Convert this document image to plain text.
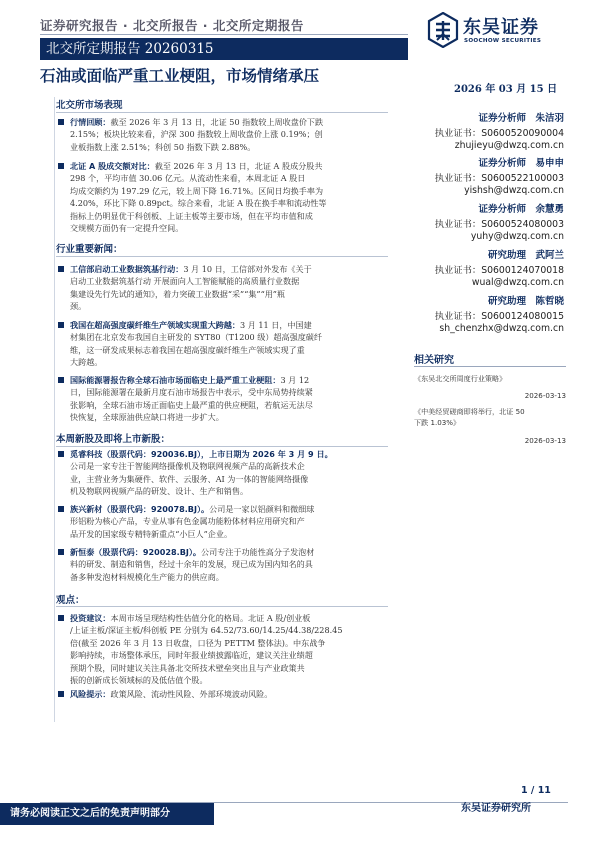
证券研究报告 · 北交所报告 · 北交所定期报告
北交所定期报告 20260315
东吴证券
SOOCHOW SECURITIES
石油或面临严重工业梗阻，市场情绪承压
2026 年 03 月 15 日
北交所市场表现
行情回顾：截至 2026 年 3 月 13 日，北证 50 指数较上周收盘价下跌
2.15%；板块比较来看，沪深 300 指数较上周收盘价上涨 0.19%；创
业板指数上涨 2.51%；科创 50 指数下跌 2.88%。
北证 A 股成交额对比：截至 2026 年 3 月 13 日，北证 A 股成分股共
298 个，平均市值 30.06 亿元。从流动性来看，本周北证 A 股日
均成交额约为 197.29 亿元，较上周下降 16.71%。区间日均换手率为
4.20%，环比下降 0.89pct。综合来看，北证 A 股在换手率和流动性等
指标上仍明显优于科创板、上证主板等主要市场，但在平均市值和成
交规模方面仍有一定提升空间。
行业重要新闻：
工信部启动工业数据筑基行动：3 月 10 日，工信部对外发布《关于
启动工业数据筑基行动 开展面向人工智能赋能的高质量行业数据
集建设先行先试的通知》，着力突破工业数据“采”“集”“用”瓶
颈。
我国在超高强度碳纤维生产领域实现重大跨越：3 月 11 日，中国建
材集团在北京发布我国自主研发的 SYT80（T1200 级）超高强度碳纤
维，这一研发成果标志着我国在超高强度碳纤维生产领域实现了重
大跨越。
国际能源署报告称全球石油市场面临史上最严重工业梗阻：3 月 12
日，国际能源署在最新月度石油市场报告中表示，受中东局势持续紧
张影响，全球石油市场正面临史上最严重的供应梗阻，若航运无法尽
快恢复，全球原油供应缺口将进一步扩大。
本周新股及即将上市新股：
觅睿科技（股票代码：920036.BJ），上市日期为 2026 年 3 月 9 日。
公司是一家专注于智能网络摄像机及物联网视频产品的高新技术企
业，主营业务为集硬件、软件、云服务、AI 为一体的智能网络摄像
机及物联网视频产品的研发、设计、生产和销售。
族兴新材（股票代码：920078.BJ）。公司是一家以铝颜料和微细球
形铝粉为核心产品，专业从事有色金属功能粉体材料应用研究和产
品开发的国家级专精特新重点“小巨人”企业。
新恒泰（股票代码：920028.BJ）。公司专注于功能性高分子发泡材
料的研发、制造和销售，经过十余年的发展，现已成为国内知名的具
备多种发泡材料规模化生产能力的供应商。
观点：
投资建议：本周市场呈现结构性估值分化的格局。北证 A 股/创业板
/上证主板/深证主板/科创板 PE 分别为 64.52/73.60/14.25/44.38/228.45
倍(截至 2026 年 3 月 13 日收盘，口径为 PETTM 整体法)。中东战争
影响持续，市场整体承压，同时年报业绩披露临近，建议关注业绩超
预期个股，同时建议关注具备北交所技术壁垒突出且与产业政策共
振的创新成长领域标的及低估值个股。
风险提示：政策风险、流动性风险、外部环境波动风险。
证券分析师　 朱洁羽
执业证书：S0600520090004
zhujieyu@dwzq.com.cn
证券分析师　 易申申
执业证书：S0600522100003
yishsh@dwzq.com.cn
证券分析师　 余慧勇
执业证书：S0600524080003
yuhy@dwzq.com.cn
研究助理　 武阿兰
执业证书：S0600124070018
wual@dwzq.com.cn
研究助理　 陈哲晓
执业证书：S0600124080015
sh_chenzhx@dwzq.com.cn
相关研究
《东吴北交所周度行业策略》
2026-03-13
《中美经贸磋商即将举行，北证 50
下跌 1.03%》
2026-03-13
1 / 11
请务必阅读正文之后的免责声明部分	东吴证券研究所
